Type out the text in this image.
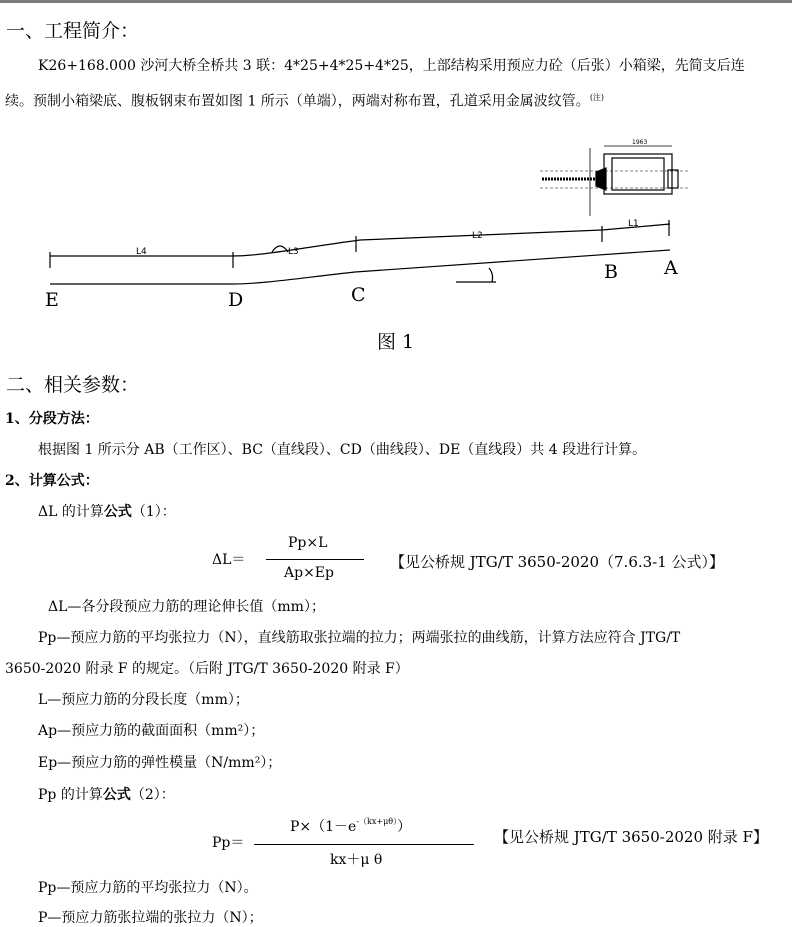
一、工程简介：
K26+168.000 沙河大桥全桥共 3 联：4*25+4*25+4*25，上部结构采用预应力砼（后张）小箱梁，先简支后连
续。预制小箱梁底、腹板钢束布置如图 1 所示（单端），两端对称布置，孔道采用金属波纹管。$^{(注)}$
1963
A
B
C
D
E
L1
L2
L3
L4
图 1
二、相关参数：
1、分段方法：
根据图 1 所示分 AB（工作区）、BC（直线段）、CD（曲线段）、DE（直线段）共 4 段进行计算。
2、计算公式：
ΔL 的计算公式（1）：
ΔL＝
Pp×L
Ap×Ep
【见公桥规 JTG/T 3650-2020（7.6.3-1 公式）】
ΔL—各分段预应力筋的理论伸长值（mm）；
Pp—预应力筋的平均张拉力（N），直线筋取张拉端的拉力；两端张拉的曲线筋，计算方法应符合 JTG/T
3650-2020 附录 F 的规定。（后附 JTG/T 3650-2020 附录 F）
L—预应力筋的分段长度（mm）；
Ap—预应力筋的截面面积（mm²）；
Ep—预应力筋的弹性模量（N/mm²）；
Pp 的计算公式（2）：
Pp＝
$P\times(1-e^{-(kx+\mu\theta)})$
kx＋μ θ
【见公桥规 JTG/T 3650-2020 附录 F】
Pp—预应力筋的平均张拉力（N）。
P—预应力筋张拉端的张拉力（N）；
